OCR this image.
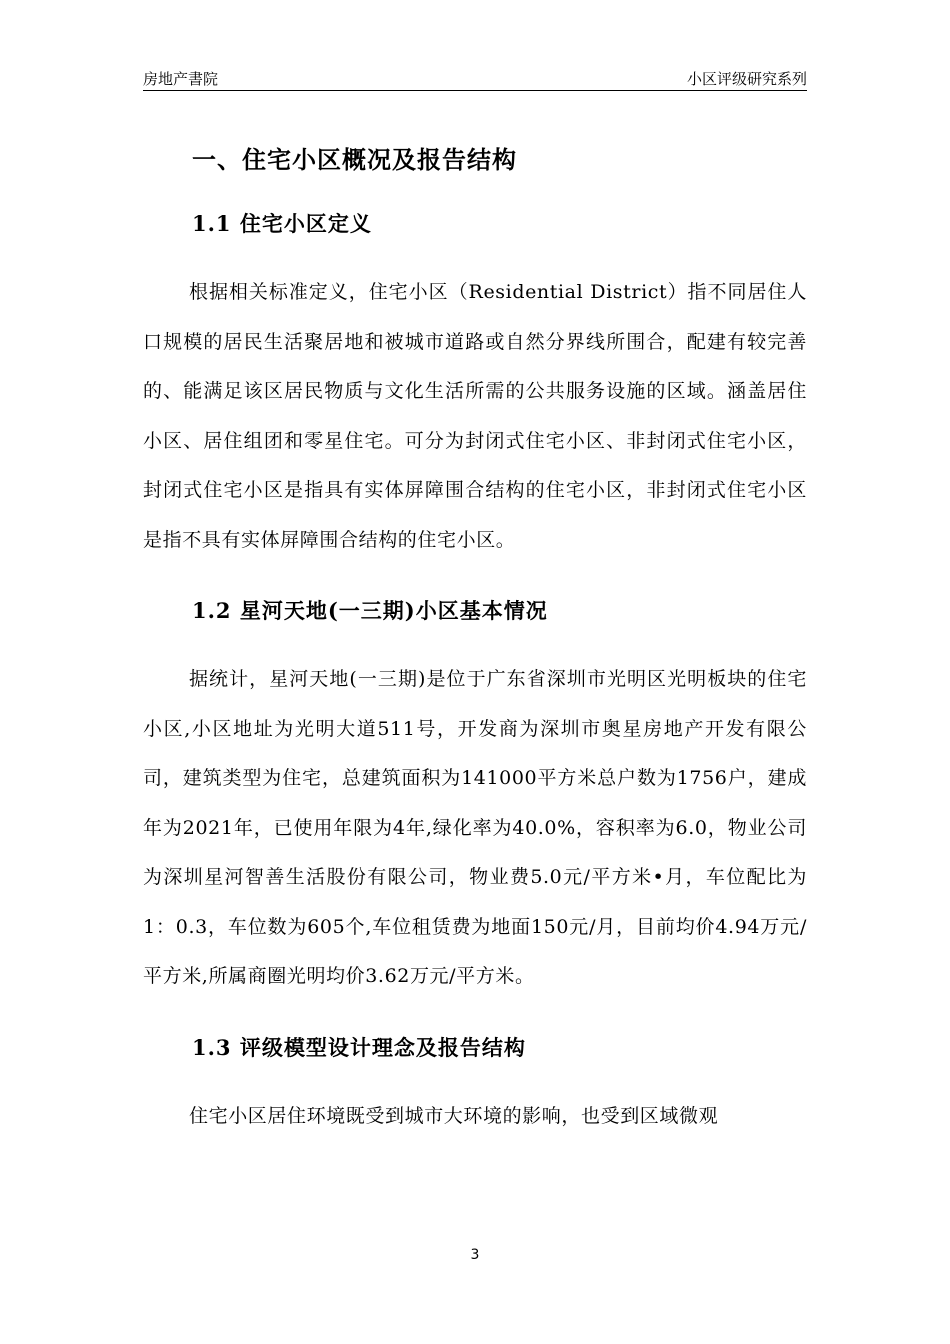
房地产書院	小区评级研究系列
一、住宅小区概况及报告结构
1.1 住宅小区定义

根据相关标准定义，住宅小区（Residential District）指不同居住人口规模的居民生活聚居地和被城市道路或自然分界线所围合，配建有较完善的、能满足该区居民物质与文化生活所需的公共服务设施的区域。涵盖居住小区、居住组团和零星住宅。可分为封闭式住宅小区、非封闭式住宅小区，封闭式住宅小区是指具有实体屏障围合结构的住宅小区，非封闭式住宅小区是指不具有实体屏障围合结构的住宅小区。

1.2 星河天地(一三期)小区基本情况

据统计，星河天地(一三期)是位于广东省深圳市光明区光明板块的住宅小区,小区地址为光明大道511号，开发商为深圳市奥星房地产开发有限公司，建筑类型为住宅，总建筑面积为141000平方米总户数为1756户，建成年为2021年，已使用年限为4年,绿化率为40.0%，容积率为6.0，物业公司为深圳星河智善生活股份有限公司，物业费5.0元/平方米•月，车位配比为1：0.3，车位数为605个,车位租赁费为地面150元/月，目前均价4.94万元/平方米,所属商圈光明均价3.62万元/平方米。

1.3 评级模型设计理念及报告结构

住宅小区居住环境既受到城市大环境的影响，也受到区域微观

3
